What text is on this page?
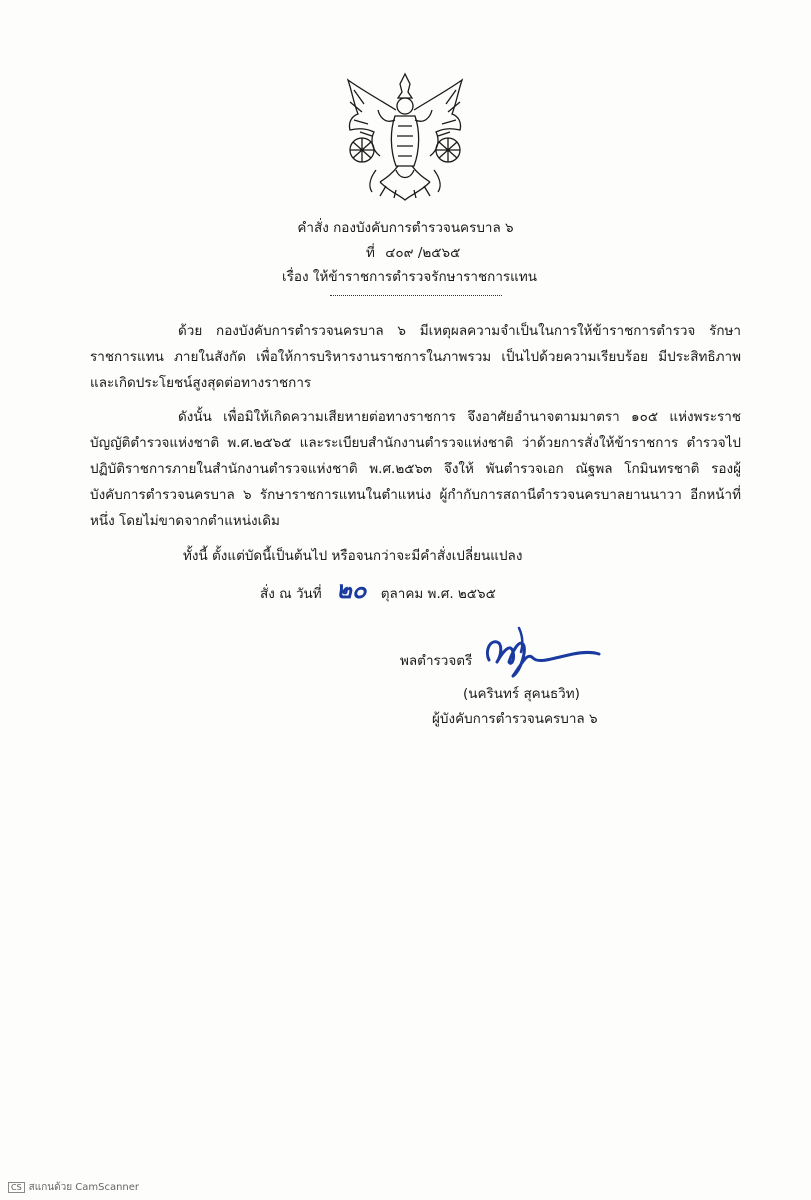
คำสั่ง กองบังคับการตำรวจนครบาล ๖
ที่ ๔๐๙ /๒๕๖๕
เรื่อง ให้ข้าราชการตำรวจรักษาราชการแทน
ด้วย กองบังคับการตำรวจนครบาล ๖ มีเหตุผลความจำเป็นในการให้ข้าราชการตำรวจ รักษาราชการแทน ภายในสังกัด เพื่อให้การบริหารงานราชการในภาพรวม เป็นไปด้วยความเรียบร้อย มีประสิทธิภาพ และเกิดประโยชน์สูงสุดต่อทางราชการ
ดังนั้น เพื่อมิให้เกิดความเสียหายต่อทางราชการ จึงอาศัยอำนาจตามมาตรา ๑๐๕ แห่งพระราชบัญญัติตำรวจแห่งชาติ พ.ศ.๒๕๖๕ และระเบียบสำนักงานตำรวจแห่งชาติ ว่าด้วยการสั่งให้ข้าราชการ ตำรวจไปปฏิบัติราชการภายในสำนักงานตำรวจแห่งชาติ พ.ศ.๒๕๖๓ จึงให้ พันตำรวจเอก ณัฐพล โกมินทรชาติ รองผู้บังคับการตำรวจนครบาล ๖ รักษาราชการแทนในตำแหน่ง ผู้กำกับการสถานีตำรวจนครบาลยานนาวา อีกหน้าที่หนึ่ง โดยไม่ขาดจากตำแหน่งเดิม
ทั้งนี้ ตั้งแต่บัดนี้เป็นต้นไป หรือจนกว่าจะมีคำสั่งเปลี่ยนแปลง
สั่ง ณ วันที่ ๒๐ ตุลาคม พ.ศ. ๒๕๖๕
พลตำรวจตรี
(นครินทร์ สุคนธวิท)
ผู้บังคับการตำรวจนครบาล ๖
CS สแกนด้วย CamScanner
